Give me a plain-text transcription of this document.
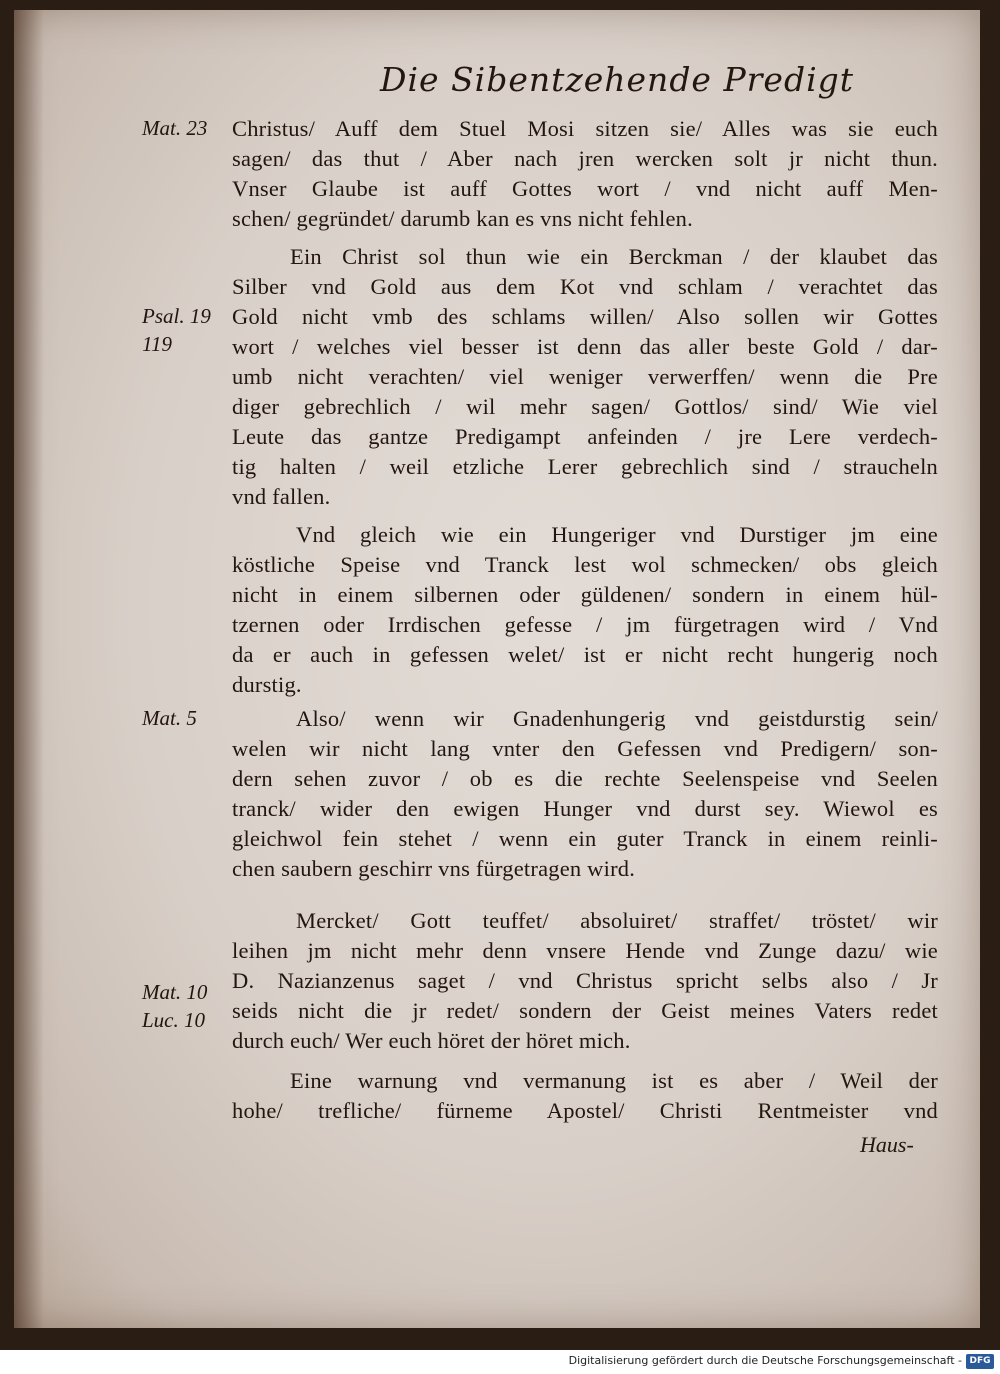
Die Sibentzehende Predigt
Mat. 23
Psal. 19
119
Mat. 5
Mat. 10
Luc. 10
Christus/ Auff dem Stuel Mosi sitzen sie/ Alles was sie euch
sagen/ das thut / Aber nach jren wercken solt jr nicht thun.
Vnser Glaube ist auff Gottes wort / vnd nicht auff Men-
schen/ gegründet/ darumb kan es vns nicht fehlen.
Ein Christ sol thun wie ein Berckman / der klaubet das
Silber vnd Gold aus dem Kot vnd schlam / verachtet das
Gold nicht vmb des schlams willen/ Also sollen wir Gottes
wort / welches viel besser ist denn das aller beste Gold / dar-
umb nicht verachten/ viel weniger verwerffen/ wenn die Pre
diger gebrechlich / wil mehr sagen/ Gottlos/ sind/ Wie viel
Leute das gantze Predigampt anfeinden / jre Lere verdech-
tig halten / weil etzliche Lerer gebrechlich sind / straucheln
vnd fallen.
Vnd gleich wie ein Hungeriger vnd Durstiger jm eine
köstliche Speise vnd Tranck lest wol schmecken/ obs gleich
nicht in einem silbernen oder güldenen/ sondern in einem hül-
tzernen oder Irrdischen gefesse / jm fürgetragen wird / Vnd
da er auch in gefessen welet/ ist er nicht recht hungerig noch
durstig.
Also/ wenn wir Gnadenhungerig vnd geistdurstig sein/
welen wir nicht lang vnter den Gefessen vnd Predigern/ son-
dern sehen zuvor / ob es die rechte Seelenspeise vnd Seelen
tranck/ wider den ewigen Hunger vnd durst sey. Wiewol es
gleichwol fein stehet / wenn ein guter Tranck in einem reinli-
chen saubern geschirr vns fürgetragen wird.
Mercket/ Gott teuffet/ absoluiret/ straffet/ tröstet/ wir
leihen jm nicht mehr denn vnsere Hende vnd Zunge dazu/ wie
D. Nazianzenus saget / vnd Christus spricht selbs also / Jr
seids nicht die jr redet/ sondern der Geist meines Vaters redet
durch euch/ Wer euch höret der höret mich.
Eine warnung vnd vermanung ist es aber / Weil der
hohe/ trefliche/ fürneme Apostel/ Christi Rentmeister vnd
Haus-
Digitalisierung gefördert durch die Deutsche Forschungsgemeinschaft - DFG
